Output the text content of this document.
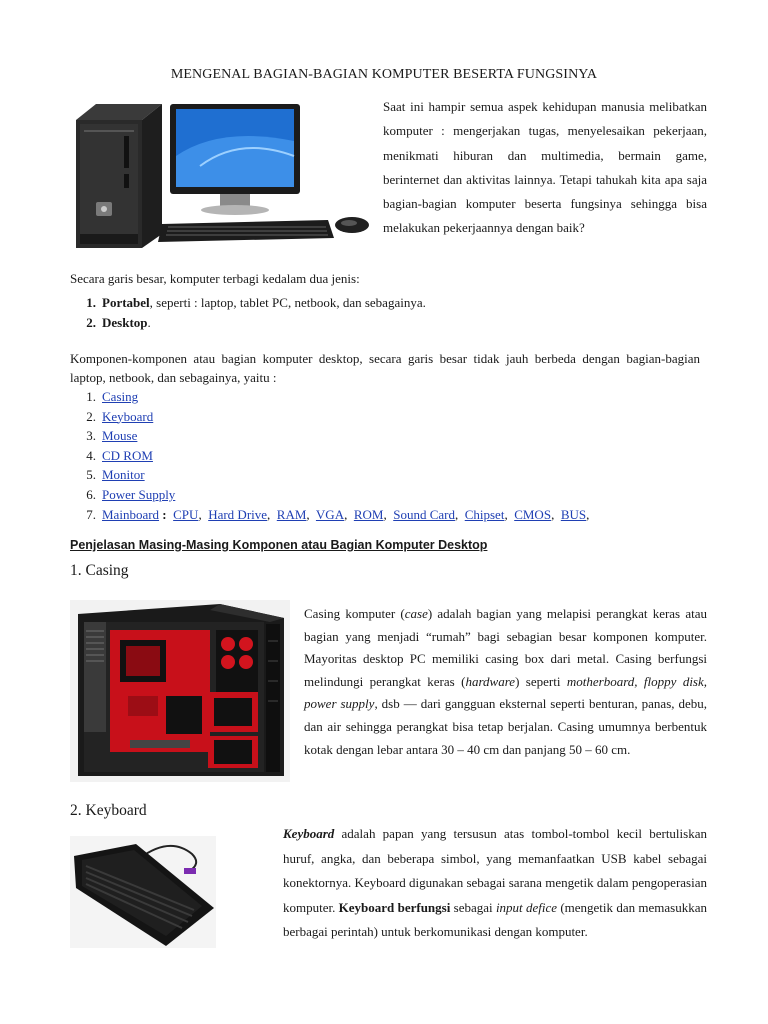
MENGENAL BAGIAN-BAGIAN KOMPUTER BESERTA FUNGSINYA
Saat ini hampir semua aspek kehidupan manusia melibatkan komputer : mengerjakan tugas, menyelesaikan pekerjaan, menikmati hiburan dan multimedia, bermain game, berinternet dan aktivitas lainnya. Tetapi tahukah kita apa saja bagian-bagian komputer beserta fungsinya sehingga bisa melakukan pekerjaannya dengan baik?
Secara garis besar, komputer terbagi kedalam dua jenis:
1. Portabel, seperti : laptop, tablet PC, netbook, dan sebagainya.
2. Desktop.
Komponen-komponen atau bagian komputer desktop, secara garis besar tidak jauh berbeda dengan bagian-bagian laptop, netbook, dan sebagainya, yaitu :
1. Casing
2. Keyboard
3. Mouse
4. CD ROM
5. Monitor
6. Power Supply
7. Mainboard : CPU,  Hard Drive,  RAM,  VGA,  ROM,  Sound Card,  Chipset,  CMOS,  BUS,
Penjelasan Masing-Masing Komponen atau Bagian Komputer Desktop
1. Casing
Casing komputer (case) adalah bagian yang melapisi perangkat keras atau bagian yang menjadi “rumah” bagi sebagian besar komponen komputer. Mayoritas desktop PC memiliki casing box dari metal. Casing berfungsi melindungi perangkat keras (hardware) seperti motherboard, floppy disk, power supply, dsb — dari gangguan eksternal seperti benturan, panas, debu, dan air sehingga perangkat bisa tetap berjalan. Casing umumnya berbentuk kotak dengan lebar antara 30 – 40 cm dan panjang 50 – 60 cm.
2. Keyboard
Keyboard adalah papan yang tersusun atas tombol-tombol kecil bertuliskan huruf, angka, dan beberapa simbol, yang memanfaatkan USB kabel sebagai konektornya. Keyboard digunakan sebagai sarana mengetik dalam pengoperasian komputer. Keyboard berfungsi sebagai input defice (mengetik dan memasukkan berbagai perintah) untuk berkomunikasi dengan komputer.
